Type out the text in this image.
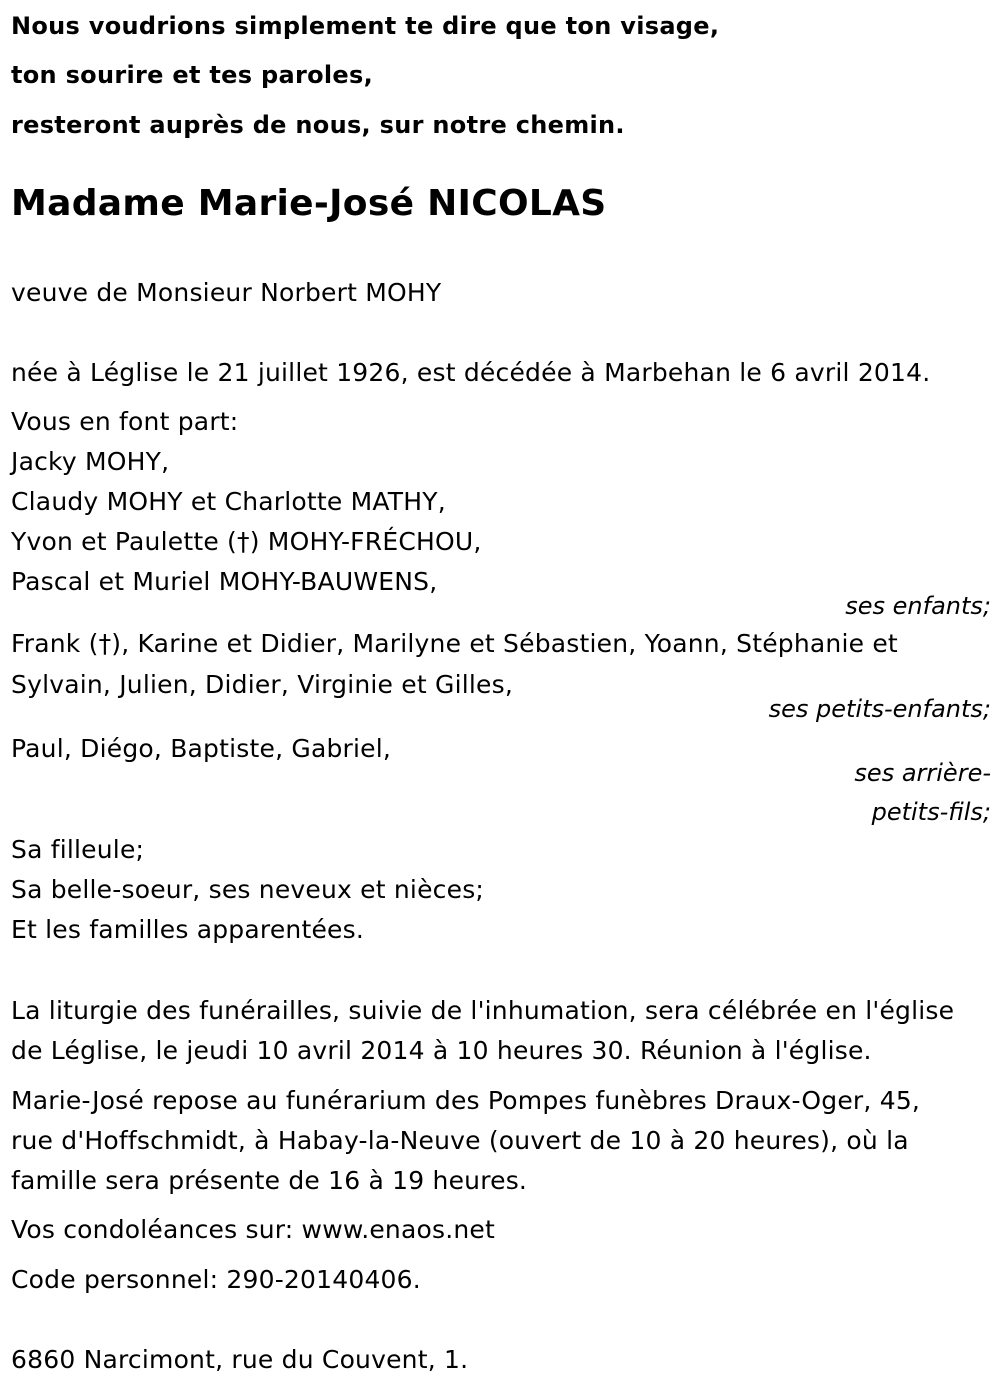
Nous voudrions simplement te dire que ton visage,
ton sourire et tes paroles,
resteront auprès de nous, sur notre chemin.
Madame Marie-José NICOLAS
veuve de Monsieur Norbert MOHY
née à Léglise le 21 juillet 1926, est décédée à Marbehan le 6 avril 2014.
Vous en font part:
Jacky MOHY,
Claudy MOHY et Charlotte MATHY,
Yvon et Paulette (†) MOHY-FRÉCHOU,
Pascal et Muriel MOHY-BAUWENS,
ses enfants;
Frank (†), Karine et Didier, Marilyne et Sébastien, Yoann, Stéphanie et
Sylvain, Julien, Didier, Virginie et Gilles,
ses petits-enfants;
Paul, Diégo, Baptiste, Gabriel,
ses arrière-
petits-fils;
Sa filleule;
Sa belle-soeur, ses neveux et nièces;
Et les familles apparentées.
La liturgie des funérailles, suivie de l'inhumation, sera célébrée en l'église
de Léglise, le jeudi 10 avril 2014 à 10 heures 30. Réunion à l'église.
Marie-José repose au funérarium des Pompes funèbres Draux-Oger, 45,
rue d'Hoffschmidt, à Habay-la-Neuve (ouvert de 10 à 20 heures), où la
famille sera présente de 16 à 19 heures.
Vos condoléances sur: www.enaos.net
Code personnel: 290-20140406.
6860 Narcimont, rue du Couvent, 1.
